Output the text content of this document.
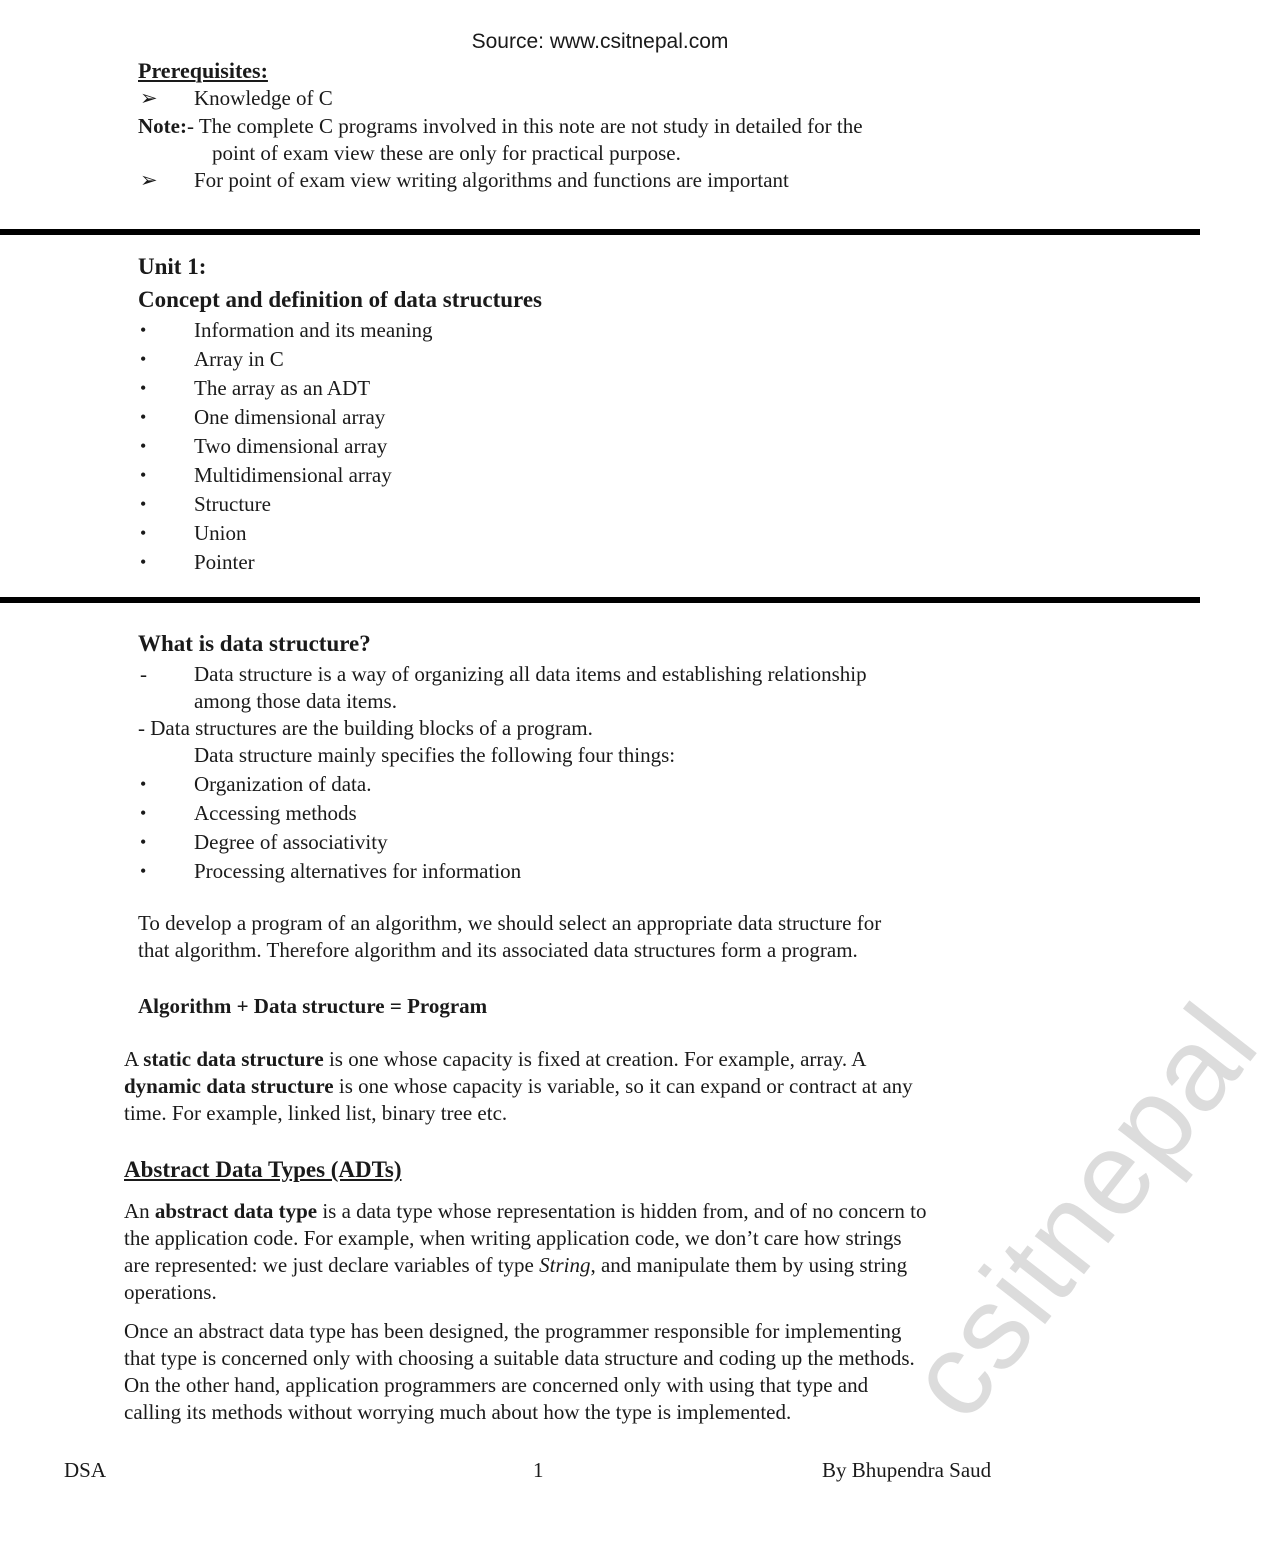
Source: www.csitnepal.com
Prerequisites:
➢ Knowledge of C
Note:- The complete C programs involved in this note are not study in detailed for the
point of exam view these are only for practical purpose.
➢ For point of exam view writing algorithms and functions are important
Unit 1:
Concept and definition of data structures
• Information and its meaning
• Array in C
• The array as an ADT
• One dimensional array
• Two dimensional array
• Multidimensional array
• Structure
• Union
• Pointer
What is data structure?
- Data structure is a way of organizing all data items and establishing relationship
among those data items.
- Data structures are the building blocks of a program.
Data structure mainly specifies the following four things:
• Organization of data.
• Accessing methods
• Degree of associativity
• Processing alternatives for information
To develop a program of an algorithm, we should select an appropriate data structure for
that algorithm. Therefore algorithm and its associated data structures form a program.
Algorithm + Data structure = Program
A static data structure is one whose capacity is fixed at creation. For example, array. A
dynamic data structure is one whose capacity is variable, so it can expand or contract at any
time. For example, linked list, binary tree etc.
Abstract Data Types (ADTs)
An abstract data type is a data type whose representation is hidden from, and of no concern to
the application code. For example, when writing application code, we don’t care how strings
are represented: we just declare variables of type String, and manipulate them by using string
operations.
Once an abstract data type has been designed, the programmer responsible for implementing
that type is concerned only with choosing a suitable data structure and coding up the methods.
On the other hand, application programmers are concerned only with using that type and
calling its methods without worrying much about how the type is implemented.
DSA	1	By Bhupendra Saud
csitnepal
